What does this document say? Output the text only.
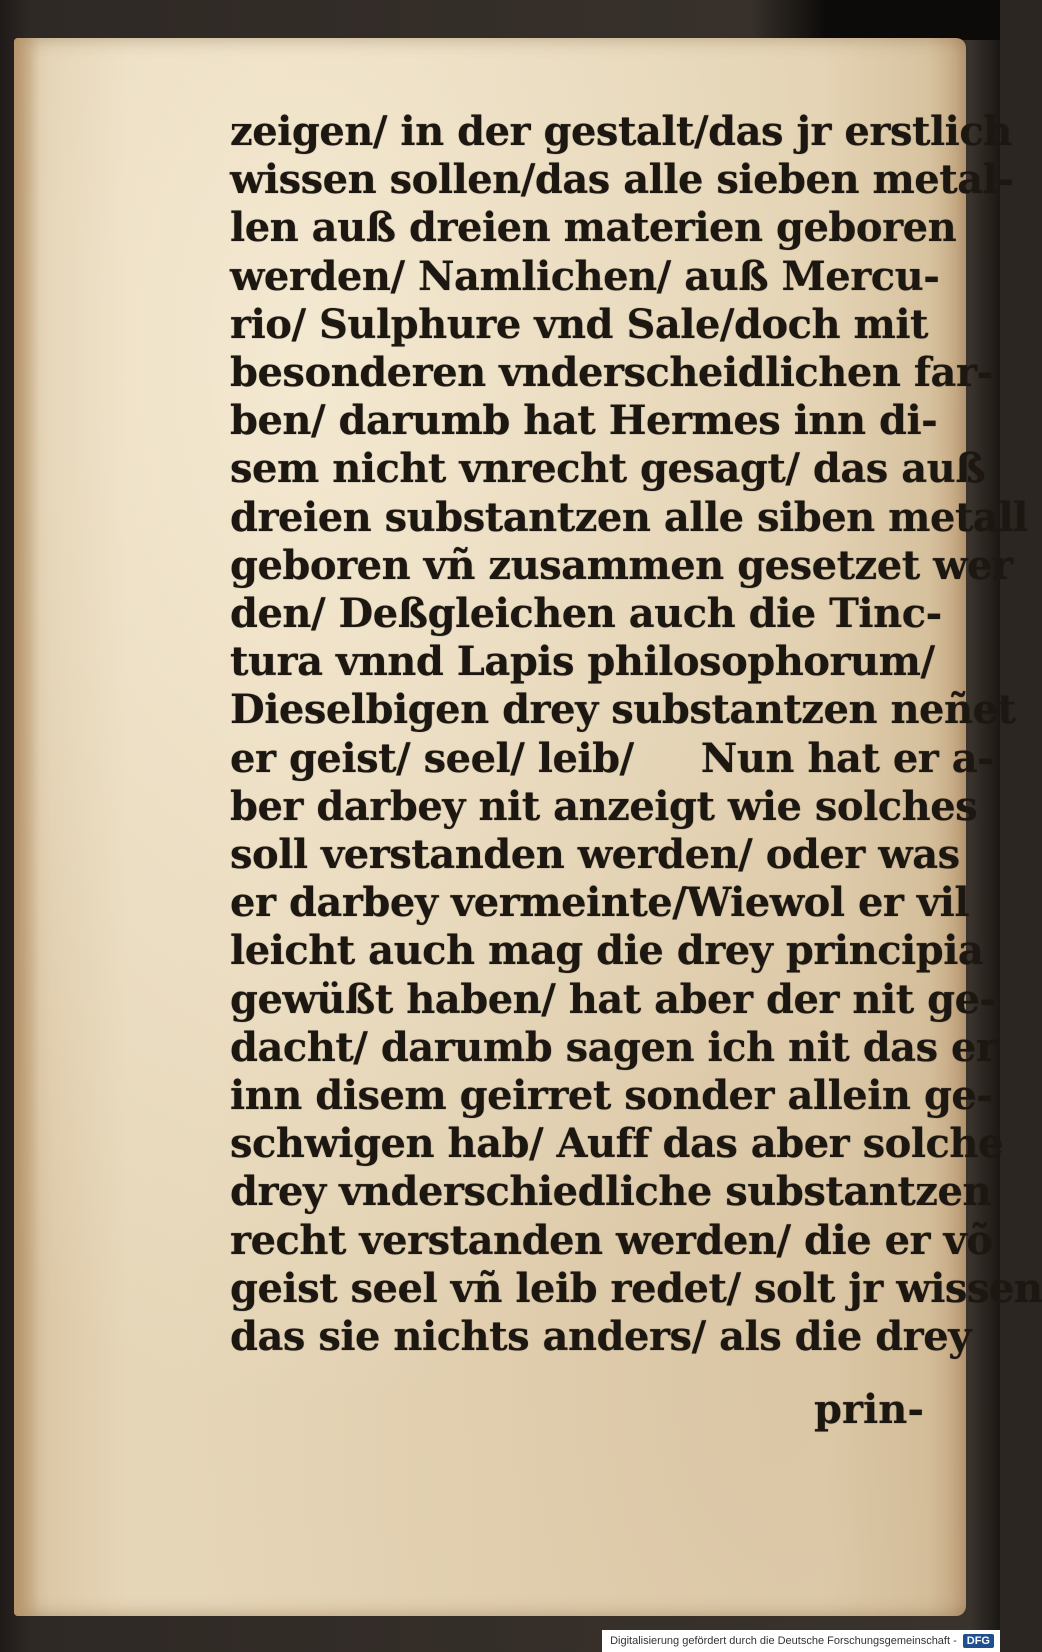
zeigen/ in der gestalt/das jr erstlich
wissen sollen/das alle sieben metal-
len auß dreien materien geboren
werden/ Namlichen/ auß Mercu-
rio/ Sulphure vnd Sale/doch mit
besonderen vnderscheidlichen far-
ben/ darumb hat Hermes inn di-
sem nicht vnrecht gesagt/ das auß
dreien substantzen alle siben metall
geboren vñ zusammen gesetzet wer
den/ Deßgleichen auch die Tinc-
tura vnnd Lapis philosophorum/
Dieselbigen drey substantzen neñet
er geist/ seel/ leib/     Nun hat er a-
ber darbey nit anzeigt wie solches
soll verstanden werden/ oder was
er darbey vermeinte/Wiewol er vil
leicht auch mag die drey principia
gewüßt haben/ hat aber der nit ge-
dacht/ darumb sagen ich nit das er
inn disem geirret sonder allein ge-
schwigen hab/ Auff das aber solche
drey vnderschiedliche substantzen
recht verstanden werden/ die er võ
geist seel vñ leib redet/ solt jr wissen
das sie nichts anders/ als die drey
prin-
Digitalisierung gefördert durch die Deutsche Forschungsgemeinschaft - DFG
